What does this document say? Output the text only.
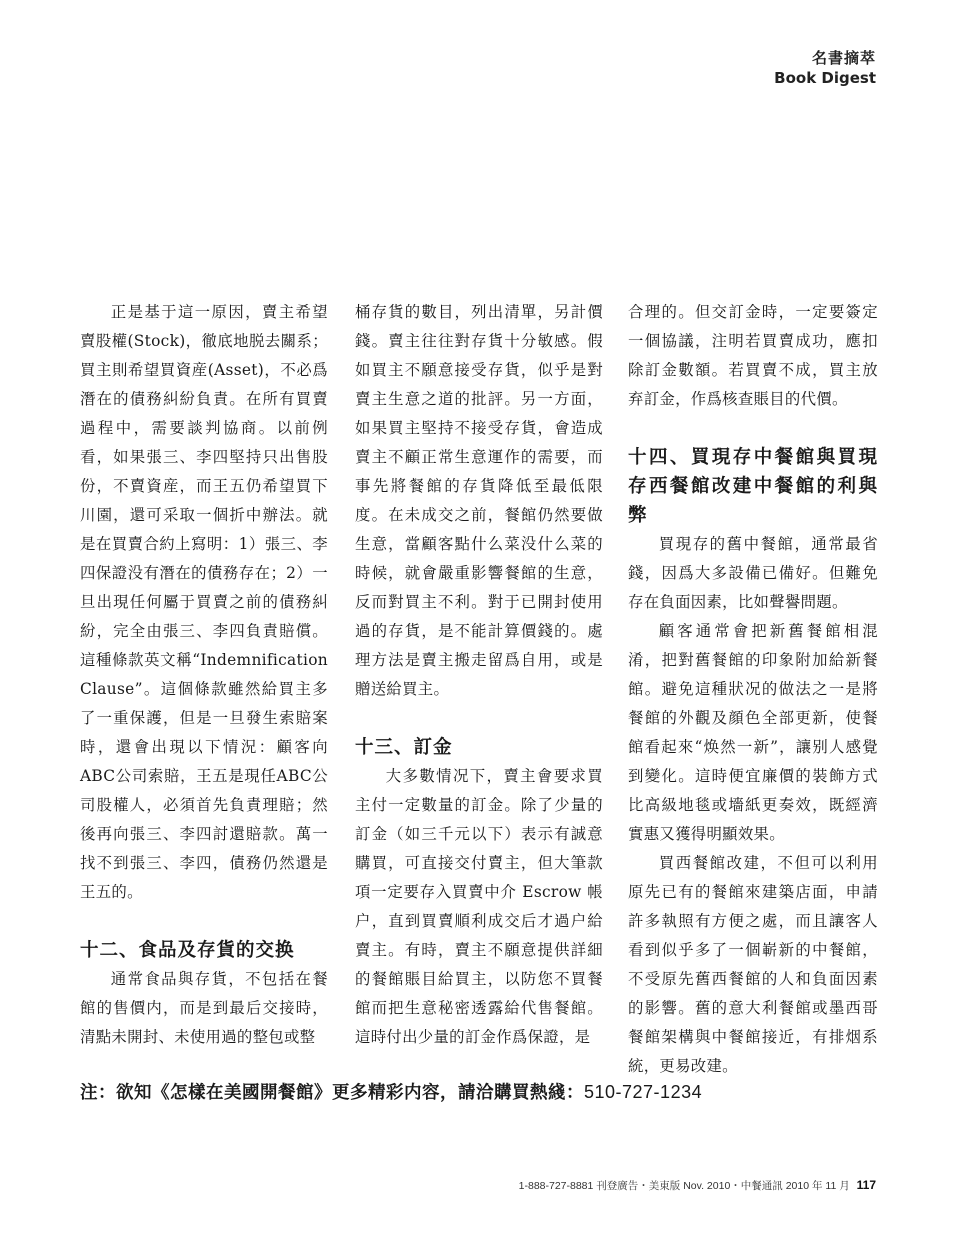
名書摘萃
Book Digest

正是基于這一原因，賣主希望賣股權(Stock)，徹底地脱去關系；買主則希望買資産(Asset)，不必爲潛在的債務糾紛負責。在所有買賣過程中，需要談判協商。以前例看，如果張三、李四堅持只出售股份，不賣資産，而王五仍希望買下川園，還可采取一個折中辦法。就是在買賣合約上寫明：1）張三、李四保證没有潛在的債務存在；2）一旦出現任何屬于買賣之前的債務糾紛，完全由張三、李四負責賠償。這種條款英文稱“Indemnification Clause”。這個條款雖然給買主多了一重保護，但是一旦發生索賠案時，還會出現以下情況：顧客向ABC公司索賠，王五是現任ABC公司股權人，必須首先負責理賠；然後再向張三、李四討還賠款。萬一找不到張三、李四，債務仍然還是王五的。

十二、食品及存貨的交换

通常食品與存貨，不包括在餐館的售價内，而是到最后交接時，清點未開封、未使用過的整包或整

桶存貨的數目，列出清單，另計價錢。賣主往往對存貨十分敏感。假如買主不願意接受存貨，似乎是對賣主生意之道的批評。另一方面，如果買主堅持不接受存貨，會造成賣主不顧正常生意運作的需要，而事先將餐館的存貨降低至最低限度。在未成交之前，餐館仍然要做生意，當顧客點什么菜没什么菜的時候，就會嚴重影響餐館的生意，反而對買主不利。對于已開封使用過的存貨，是不能計算價錢的。處理方法是賣主搬走留爲自用，或是贈送給買主。

十三、訂金

大多數情况下，賣主會要求買主付一定數量的訂金。除了少量的訂金（如三千元以下）表示有誠意購買，可直接交付賣主，但大筆款項一定要存入買賣中介 Escrow 帳户，直到買賣順利成交后才過户給賣主。有時，賣主不願意提供詳細的餐館賬目給買主，以防您不買餐館而把生意秘密透露給代售餐館。這時付出少量的訂金作爲保證，是

合理的。但交訂金時，一定要簽定一個協議，注明若買賣成功，應扣除訂金數額。若買賣不成，買主放弃訂金，作爲核查賬目的代價。

十四、買現存中餐館與買現存西餐館改建中餐館的利與弊

買現存的舊中餐館，通常最省錢，因爲大多設備已備好。但難免存在負面因素，比如聲譽問題。

顧客通常會把新舊餐館相混淆，把對舊餐館的印象附加給新餐館。避免這種狀况的做法之一是將餐館的外觀及顔色全部更新，使餐館看起來“焕然一新”，讓别人感覺到變化。這時便宜廉價的裝飾方式比高級地毯或墻紙更奏效，既經濟實惠又獲得明顯效果。

買西餐館改建，不但可以利用原先已有的餐館來建築店面，申請許多執照有方便之處，而且讓客人看到似乎多了一個嶄新的中餐館，不受原先舊西餐館的人和負面因素的影響。舊的意大利餐館或墨西哥餐館架構與中餐館接近，有排烟系統，更易改建。

注：欲知《怎樣在美國開餐館》更多精彩内容，請洽購買熱綫：510-727-1234
1-888-727-8881 刊登廣告・美東版 Nov. 2010・中餐通訊 2010 年 11 月 117
